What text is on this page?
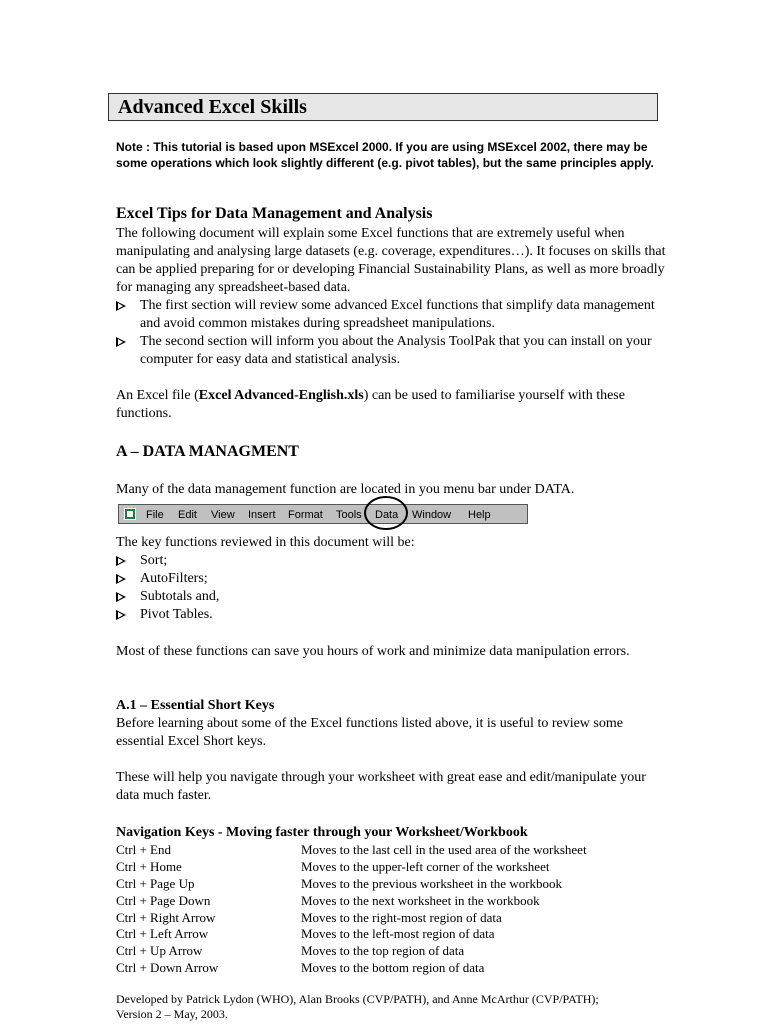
Advanced Excel Skills
Note : This tutorial is based upon MSExcel 2000. If you are using MSExcel 2002, there may be some operations which look slightly different (e.g. pivot tables), but the same principles apply.
Excel Tips for Data Management and Analysis
The following document will explain some Excel functions that are extremely useful when manipulating and analysing large datasets (e.g. coverage, expenditures…). It focuses on skills that can be applied preparing for or developing Financial Sustainability Plans, as well as more broadly for managing any spreadsheet-based data.
The first section will review some advanced Excel functions that simplify data management and avoid common mistakes during spreadsheet manipulations.
The second section will inform you about the Analysis ToolPak that you can install on your computer for easy data and statistical analysis.
An Excel file (Excel Advanced-English.xls) can be used to familiarise yourself with these functions.
A – DATA MANAGMENT
Many of the data management function are located in you menu bar under DATA.
File Edit View Insert Format Tools Data Window Help
The key functions reviewed in this document will be:
Sort;
AutoFilters;
Subtotals and,
Pivot Tables.
Most of these functions can save you hours of work and minimize data manipulation errors.
A.1 – Essential Short Keys
Before learning about some of the Excel functions listed above, it is useful to review some essential Excel Short keys.
These will help you navigate through your worksheet with great ease and edit/manipulate your data much faster.
Navigation Keys - Moving faster through your Worksheet/Workbook
Ctrl + End	Moves to the last cell in the used area of the worksheet
Ctrl + Home	Moves to the upper-left corner of the worksheet
Ctrl + Page Up	Moves to the previous worksheet in the workbook
Ctrl + Page Down	Moves to the next worksheet in the workbook
Ctrl + Right Arrow	Moves to the right-most region of data
Ctrl + Left Arrow	Moves to the left-most region of data
Ctrl + Up Arrow	Moves to the top region of data
Ctrl + Down Arrow	Moves to the bottom region of data
Developed by Patrick Lydon (WHO), Alan Brooks (CVP/PATH), and Anne McArthur (CVP/PATH);
Version 2 – May, 2003.
